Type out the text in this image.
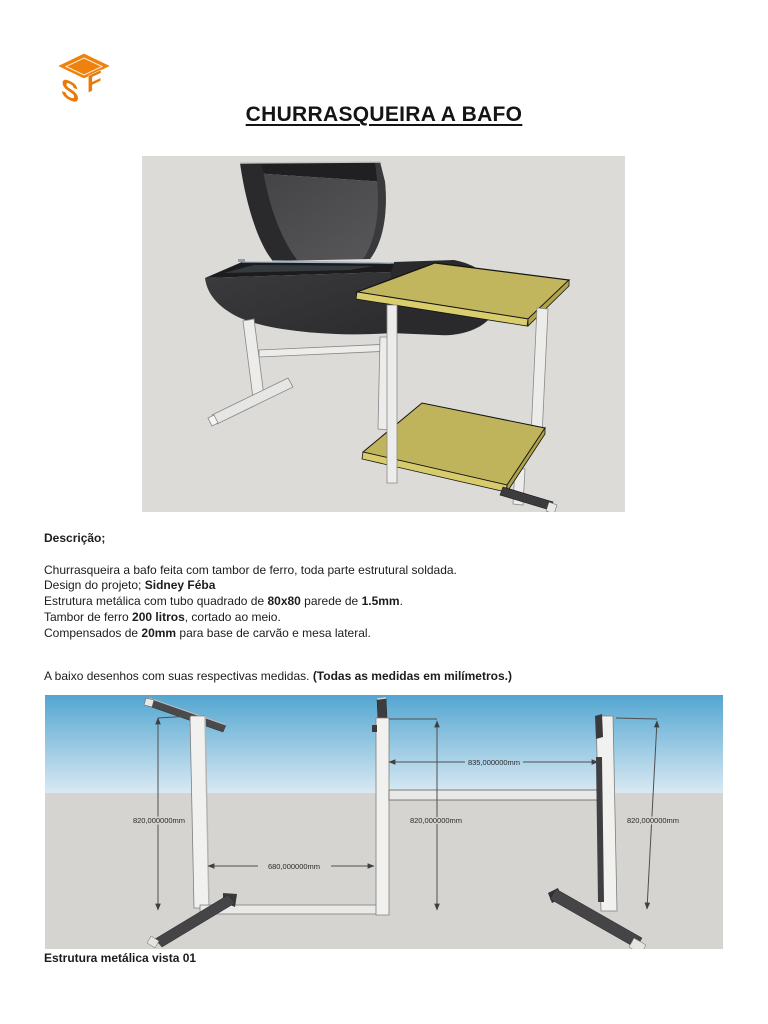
S F
CHURRASQUEIRA A BAFO

Descrição;

Churrasqueira a bafo feita com tambor de ferro, toda parte estrutural soldada.

Design do projeto; Sidney Féba

Estrutura metálica com tubo quadrado de 80x80 parede de 1.5mm.

Tambor de ferro 200 litros, cortado ao meio.

Compensados de 20mm para base de carvão e mesa lateral.

A baixo desenhos com suas respectivas medidas. (Todas as medidas em milímetros.)

820,000000mm	820,000000mm	820,000000mm
835,000000mm
680,000000mm

Estrutura metálica vista 01
